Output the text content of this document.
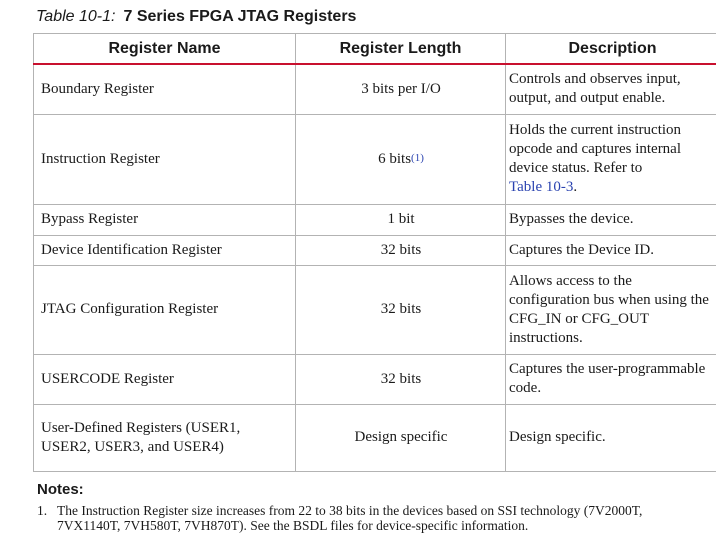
Table 10-1: 7 Series FPGA JTAG Registers
Register Name	Register Length	Description
Boundary Register	3 bits per I/O	Controls and observes input, output, and output enable.
Instruction Register	6 bits$^{(1)}$	Holds the current instruction opcode and captures internal device status. Refer to
Table 10-3.
Bypass Register	1 bit	Bypasses the device.
Device Identification Register	32 bits	Captures the Device ID.
JTAG Configuration Register	32 bits	Allows access to the configuration bus when using the CFG_IN or CFG_OUT instructions.
USERCODE Register	32 bits	Captures the user-programmable code.
User-Defined Registers (USER1, USER2, USER3, and USER4)	Design specific	Design specific.
Notes:
1. The Instruction Register size increases from 22 to 38 bits in the devices based on SSI technology (7V2000T, 7VX1140T, 7VH580T, 7VH870T). See the BSDL files for device-specific information.
